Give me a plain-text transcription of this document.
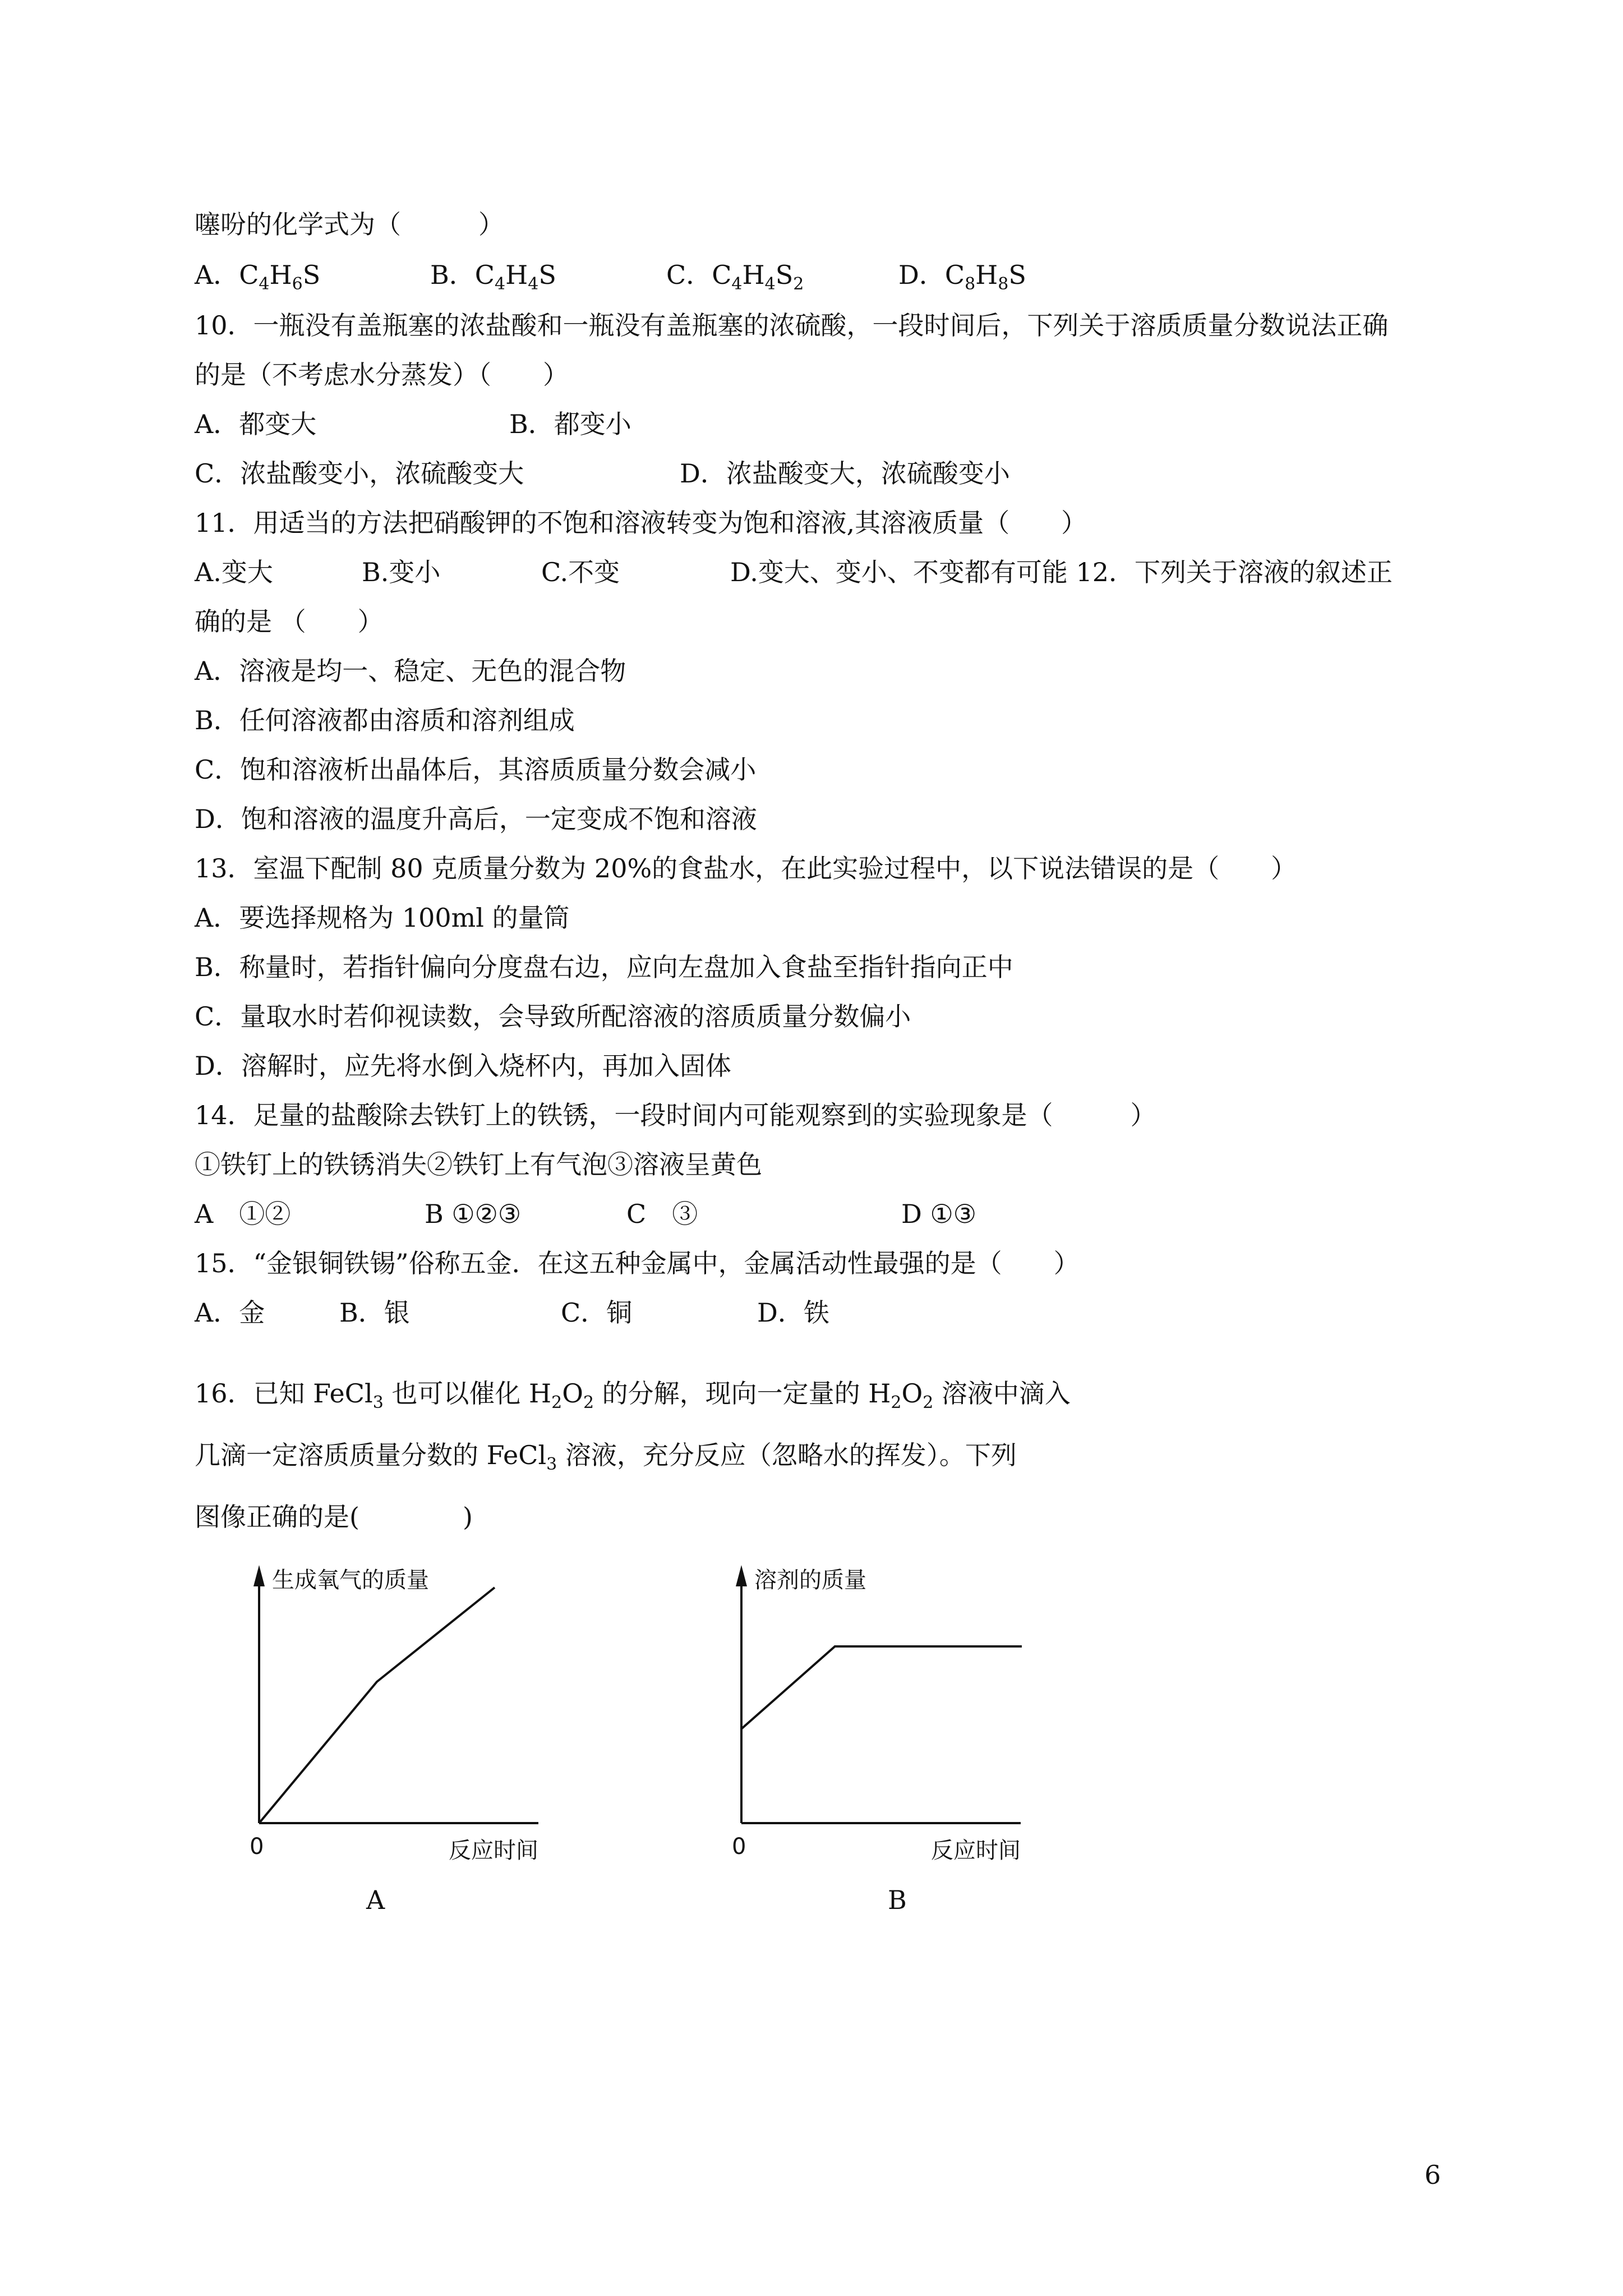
噻吩的化学式为（　　　）
A．$C_4H_6S$	B．$C_4H_4S$	C．$C_4H_4S_2$	D．$C_8H_8S$
10．一瓶没有盖瓶塞的浓盐酸和一瓶没有盖瓶塞的浓硫酸，一段时间后，下列关于溶质质量分数说法正确
的是（不考虑水分蒸发）（　　）
A．都变大	B．都变小
C．浓盐酸变小，浓硫酸变大	D．浓盐酸变大，浓硫酸变小
11．用适当的方法把硝酸钾的不饱和溶液转变为饱和溶液,其溶液质量（　　）
A.变大	B.变小	C.不变	D.变大、变小、不变都有可能 12．下列关于溶液的叙述正
确的是 （　　）
A．溶液是均一、稳定、无色的混合物
B．任何溶液都由溶质和溶剂组成
C．饱和溶液析出晶体后，其溶质质量分数会减小
D．饱和溶液的温度升高后，一定变成不饱和溶液
13．室温下配制 80 克质量分数为 20%的食盐水，在此实验过程中，以下说法错误的是（　　）
A．要选择规格为 100ml 的量筒
B．称量时，若指针偏向分度盘右边，应向左盘加入食盐至指针指向正中
C．量取水时若仰视读数，会导致所配溶液的溶质质量分数偏小
D．溶解时，应先将水倒入烧杯内，再加入固体
14．足量的盐酸除去铁钉上的铁锈，一段时间内可能观察到的实验现象是（　　　）
①铁钉上的铁锈消失②铁钉上有气泡③溶液呈黄色
A　①②	B ①②③	C　③	D ①③
15．“金银铜铁锡”俗称五金．在这五种金属中，金属活动性最强的是（　　）
A．金	B．银	C．铜	D．铁
16．已知 FeCl$_3$ 也可以催化 $H_2O_2$ 的分解，现向一定量的 $H_2O_2$ 溶液中滴入
几滴一定溶质质量分数的 FeCl$_3$ 溶液，充分反应（忽略水的挥发）。下列
图像正确的是(　　　　)
生成氧气的质量
0	反应时间
A
溶剂的质量
0	反应时间
B
6
